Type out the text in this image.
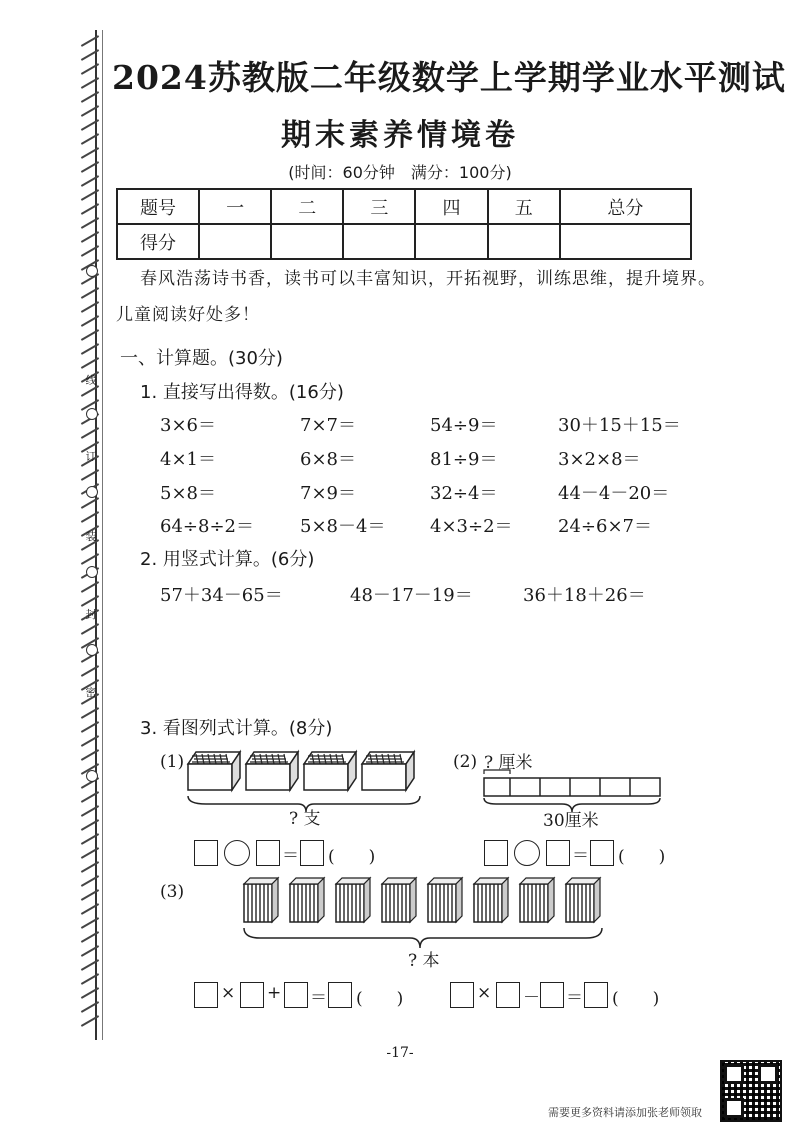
线
订
装
封
密
2024苏教版二年级数学上学期学业水平测试
期末素养情境卷
(时间：60分钟　满分：100分)
题号	一	二	三	四	五	总分
得分						
春风浩荡诗书香，读书可以丰富知识，开拓视野，训练思维，提升境界。
儿童阅读好处多！
一、计算题。(30分)
1. 直接写出得数。(16分)
3×6＝	7×7＝	54÷9＝	30＋15＋15＝
4×1＝	6×8＝	81÷9＝	3×2×8＝
5×8＝	7×9＝	32÷4＝	44－4－20＝
64÷8÷2＝	5×8－4＝ 4×3÷2＝	24÷6×7＝
2. 用竖式计算。(6分)
57＋34－65＝	48－17－19＝	36＋18＋26＝
3. 看图列式计算。(8分)
(1)
? 支
(2) ? 厘米
30厘米
＝ (　　)	＝ (　　)
(3)
? 本
× + ＝ (　　)	× － ＝ (　　)
-17-
需要更多资料请添加张老师领取
